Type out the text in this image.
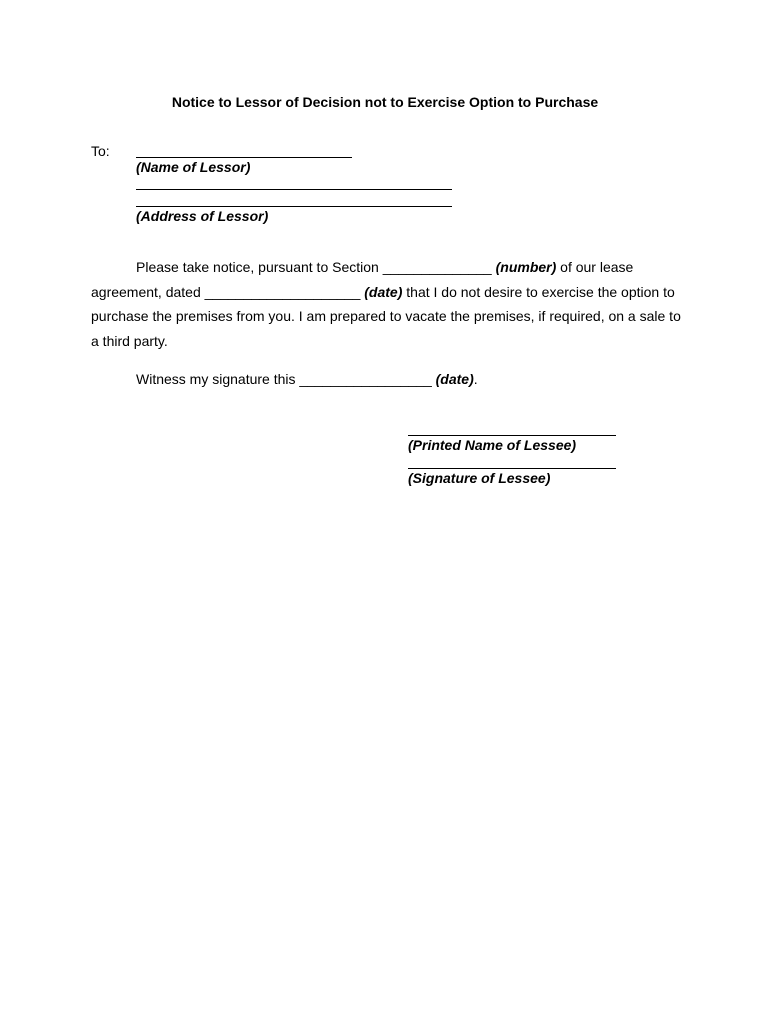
Notice to Lessor of Decision not to Exercise Option to Purchase
To:
(Name of Lessor)
(Address of Lessor)

Please take notice, pursuant to Section ______________ (number) of our lease agreement, dated ____________________ (date) that I do not desire to exercise the option to purchase the premises from you. I am prepared to vacate the premises, if required, on a sale to a third party.

Witness my signature this _________________ (date).
(Printed Name of Lessee)
(Signature of Lessee)
